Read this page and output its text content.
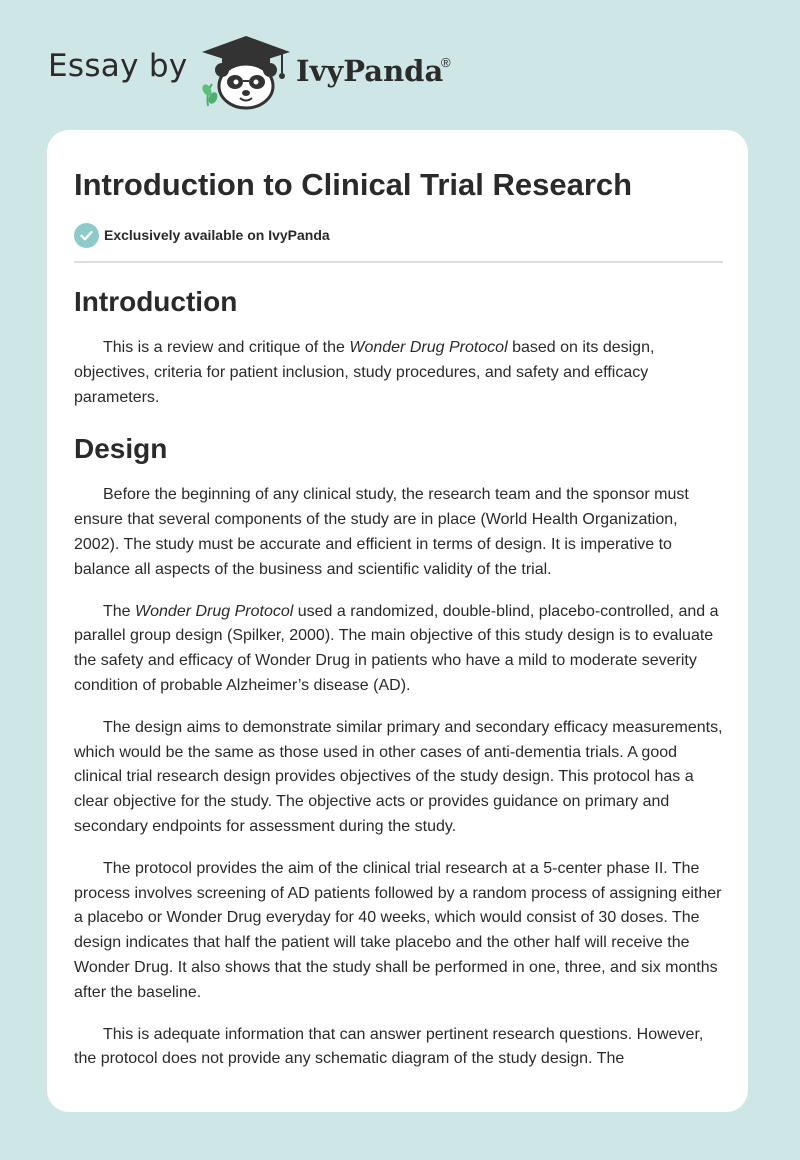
Essay by	IvyPanda
®
Introduction to Clinical Trial Research
Exclusively available on IvyPanda
Introduction

This is a review and critique of the Wonder Drug Protocol based on its design, objectives, criteria for patient inclusion, study procedures, and safety and efficacy parameters.

Design

Before the beginning of any clinical study, the research team and the sponsor must ensure that several components of the study are in place (World Health Organization, 2002). The study must be accurate and efficient in terms of design. It is imperative to balance all aspects of the business and scientific validity of the trial.

The Wonder Drug Protocol used a randomized, double-blind, placebo-controlled, and a parallel group design (Spilker, 2000). The main objective of this study design is to evaluate the safety and efficacy of Wonder Drug in patients who have a mild to moderate severity condition of probable Alzheimer’s disease (AD).

The design aims to demonstrate similar primary and secondary efficacy measurements, which would be the same as those used in other cases of anti-dementia trials. A good clinical trial research design provides objectives of the study design. This protocol has a clear objective for the study. The objective acts or provides guidance on primary and secondary endpoints for assessment during the study.

The protocol provides the aim of the clinical trial research at a 5-center phase II. The process involves screening of AD patients followed by a random process of assigning either a placebo or Wonder Drug everyday for 40 weeks, which would consist of 30 doses. The design indicates that half the patient will take placebo and the other half will receive the Wonder Drug. It also shows that the study shall be performed in one, three, and six months after the baseline.

This is adequate information that can answer pertinent research questions. However, the protocol does not provide any schematic diagram of the study design. The
